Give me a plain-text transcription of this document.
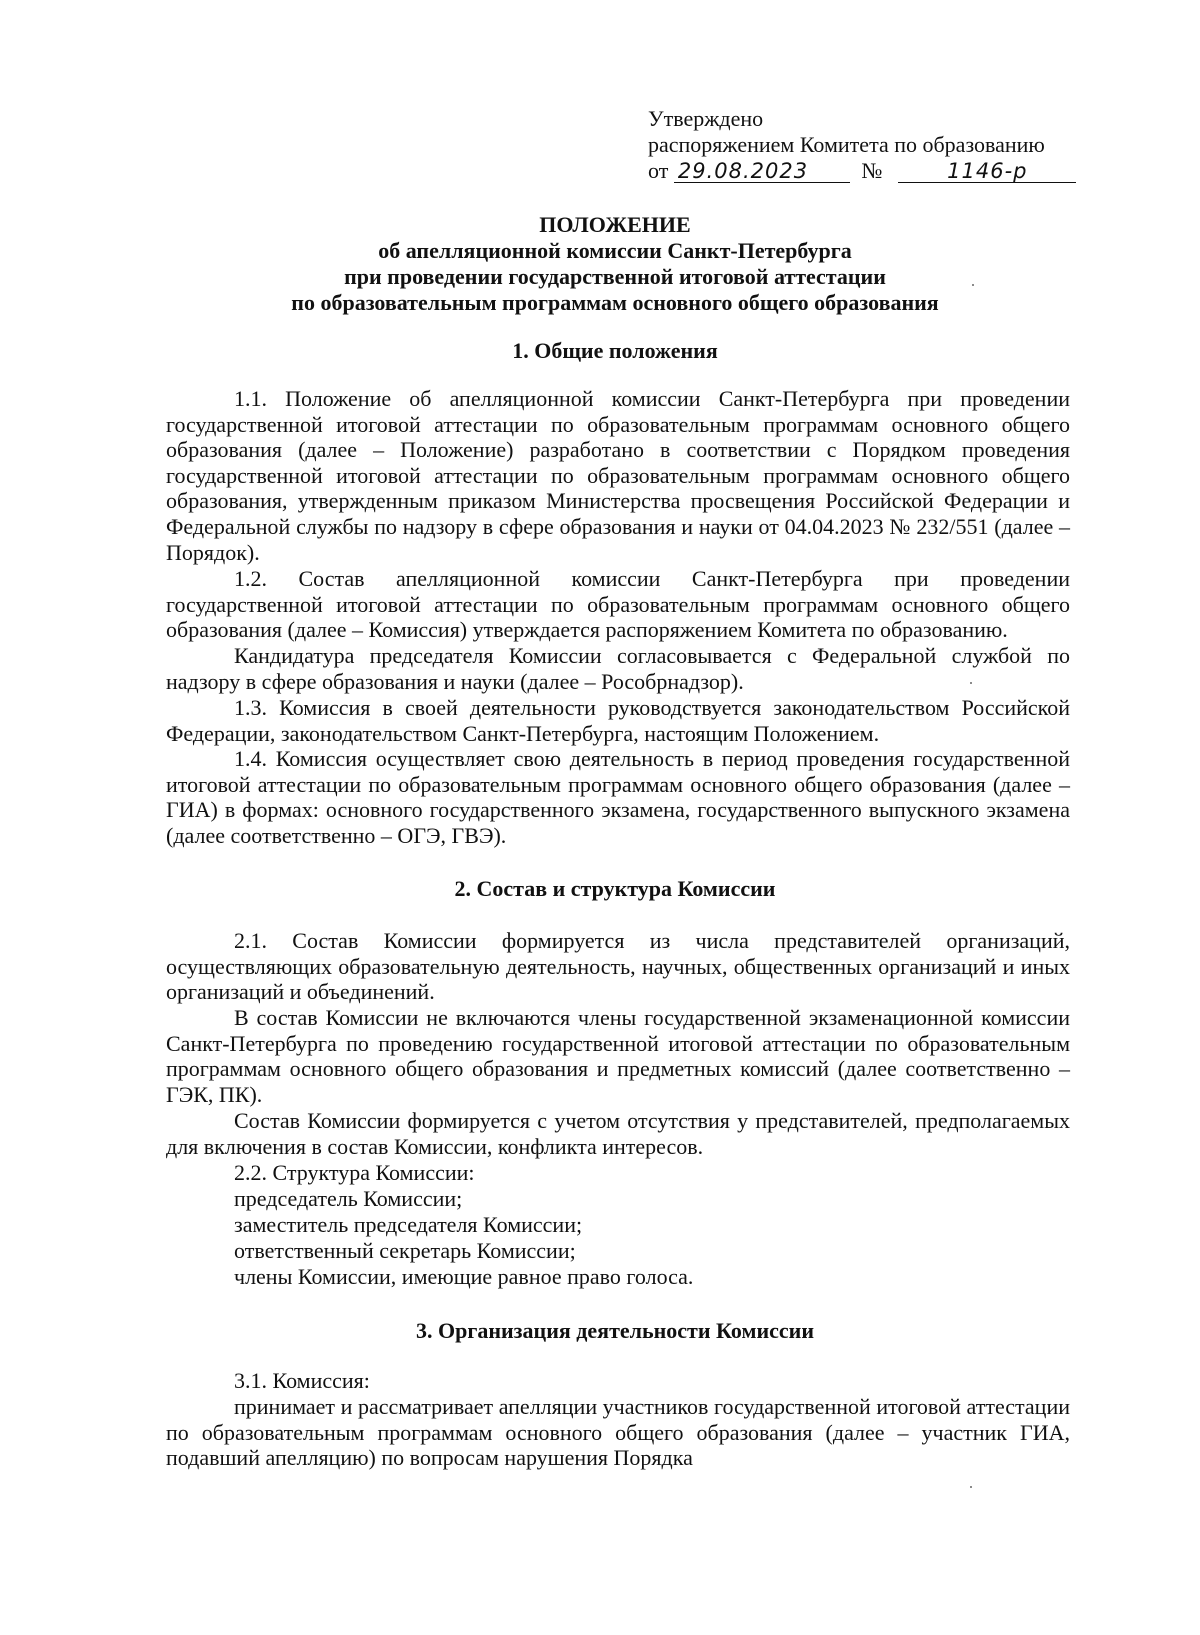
Утверждено
распоряжением Комитета по образованию
от 29.08.2023 №	1146-р
ПОЛОЖЕНИЕ
об апелляционной комиссии Санкт-Петербурга
при проведении государственной итоговой аттестации
по образовательным программам основного общего образования
1. Общие положения

1.1. Положение об апелляционной комиссии Санкт-Петербурга при проведении государственной итоговой аттестации по образовательным программам основного общего образования (далее – Положение) разработано в соответствии с Порядком проведения государственной итоговой аттестации по образовательным программам основного общего образования, утвержденным приказом Министерства просвещения Российской Федерации и Федеральной службы по надзору в сфере образования и науки от 04.04.2023 № 232/551 (далее – Порядок).

1.2. Состав апелляционной комиссии Санкт-Петербурга при проведении государственной итоговой аттестации по образовательным программам основного общего образования (далее – Комиссия) утверждается распоряжением Комитета по образованию.

Кандидатура председателя Комиссии согласовывается с Федеральной службой по надзору в сфере образования и науки (далее – Рособрнадзор).

1.3. Комиссия в своей деятельности руководствуется законодательством Российской Федерации, законодательством Санкт-Петербурга, настоящим Положением.

1.4. Комиссия осуществляет свою деятельность в период проведения государственной итоговой аттестации по образовательным программам основного общего образования (далее – ГИА) в формах: основного государственного экзамена, государственного выпускного экзамена (далее соответственно – ОГЭ, ГВЭ).

2. Состав и структура Комиссии

2.1. Состав Комиссии формируется из числа представителей организаций, осуществляющих образовательную деятельность, научных, общественных организаций и иных организаций и объединений.

В состав Комиссии не включаются члены государственной экзаменационной комиссии Санкт-Петербурга по проведению государственной итоговой аттестации по образовательным программам основного общего образования и предметных комиссий (далее соответственно – ГЭК, ПК).

Состав Комиссии формируется с учетом отсутствия у представителей, предполагаемых для включения в состав Комиссии, конфликта интересов.

2.2. Структура Комиссии:

председатель Комиссии;

заместитель председателя Комиссии;

ответственный секретарь Комиссии;

члены Комиссии, имеющие равное право голоса.

3. Организация деятельности Комиссии

3.1. Комиссия:

принимает и рассматривает апелляции участников государственной итоговой аттестации по образовательным программам основного общего образования (далее – участник ГИА, подавший апелляцию) по вопросам нарушения Порядка
